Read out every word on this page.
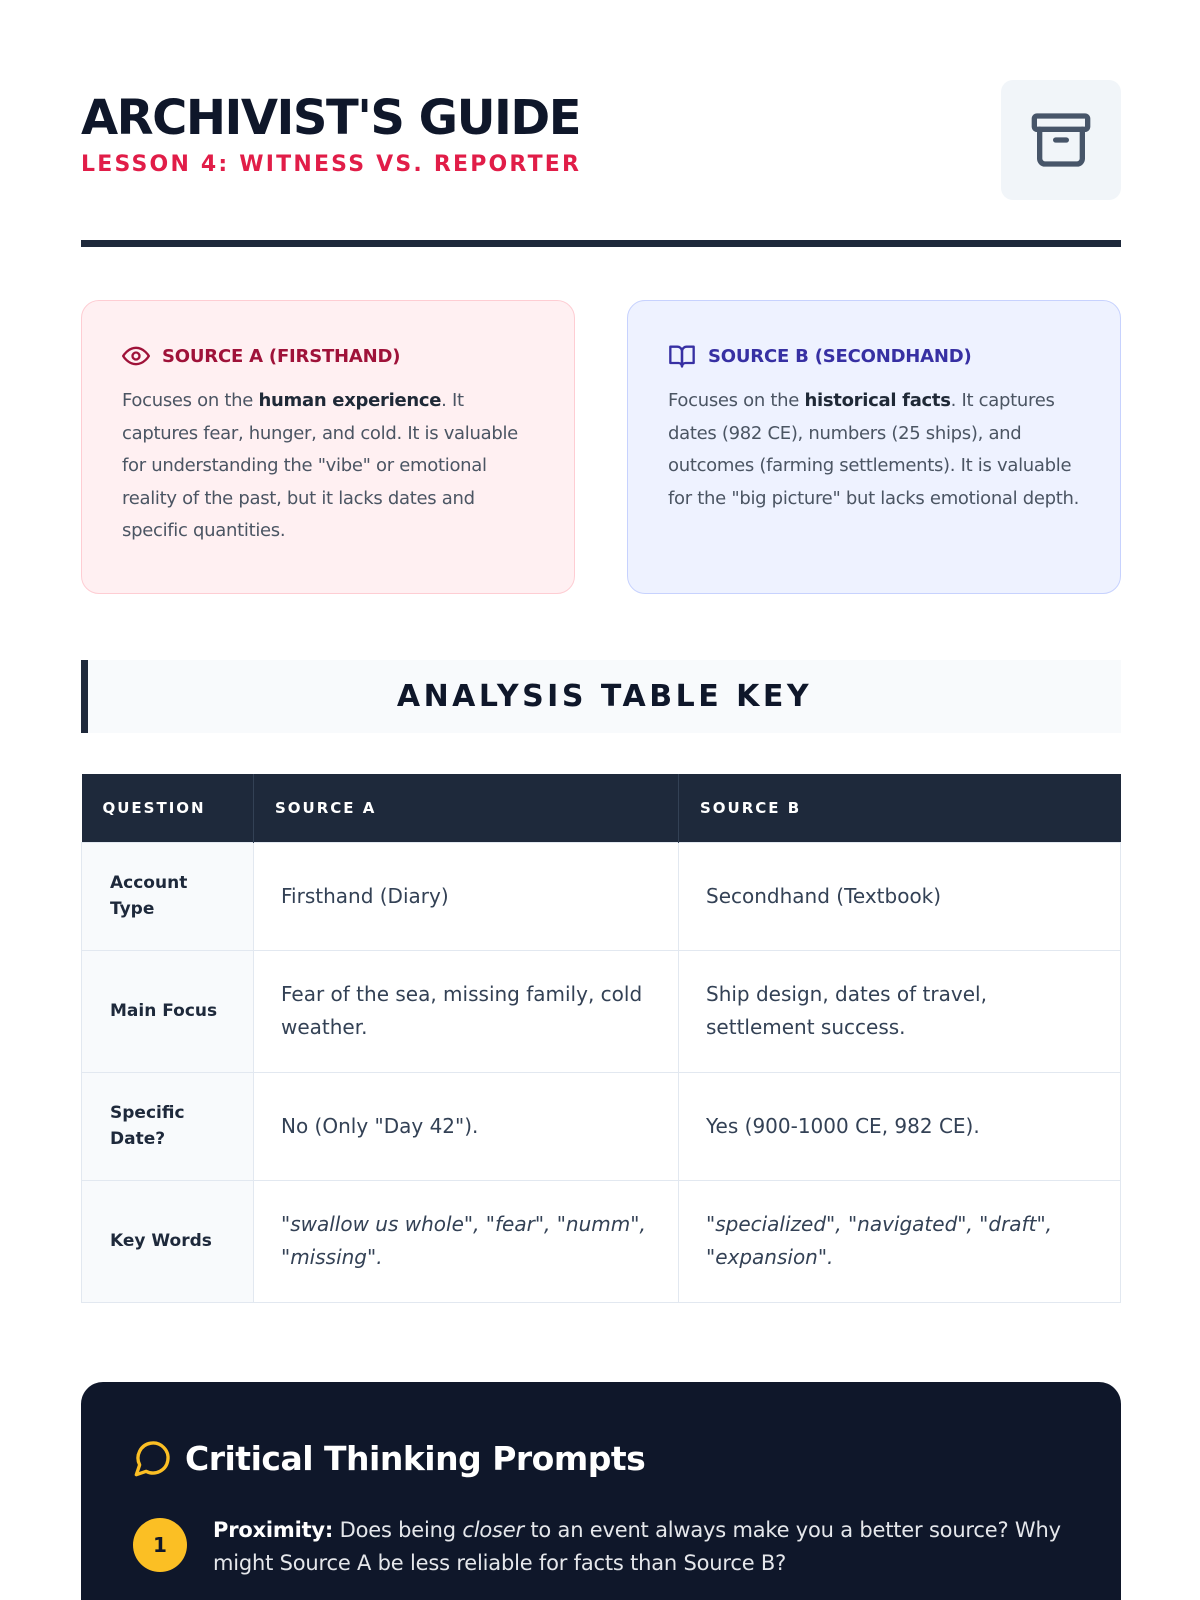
ARCHIVIST'S GUIDE
LESSON 4: WITNESS VS. REPORTER
SOURCE A (FIRSTHAND)

Focuses on the human experience. It captures fear, hunger, and cold. It is valuable for understanding the "vibe" or emotional reality of the past, but it lacks dates and specific quantities.

SOURCE B (SECONDHAND)

Focuses on the historical facts. It captures dates (982 CE), numbers (25 ships), and outcomes (farming settlements). It is valuable for the "big picture" but lacks emotional depth.

ANALYSIS TABLE KEY
QUESTION	SOURCE A	SOURCE B
Account Type	Firsthand (Diary)	Secondhand (Textbook)
Main Focus	Fear of the sea, missing family, cold weather.	Ship design, dates of travel, settlement success.
Specific Date?	No (Only "Day 42").	Yes (900-1000 CE, 982 CE).
Key Words	"swallow us whole", "fear", "numm", "missing".	"specialized", "navigated", "draft", "expansion".
Critical Thinking Prompts
1

Proximity: Does being closer to an event always make you a better source? Why might Source A be less reliable for facts than Source B?
